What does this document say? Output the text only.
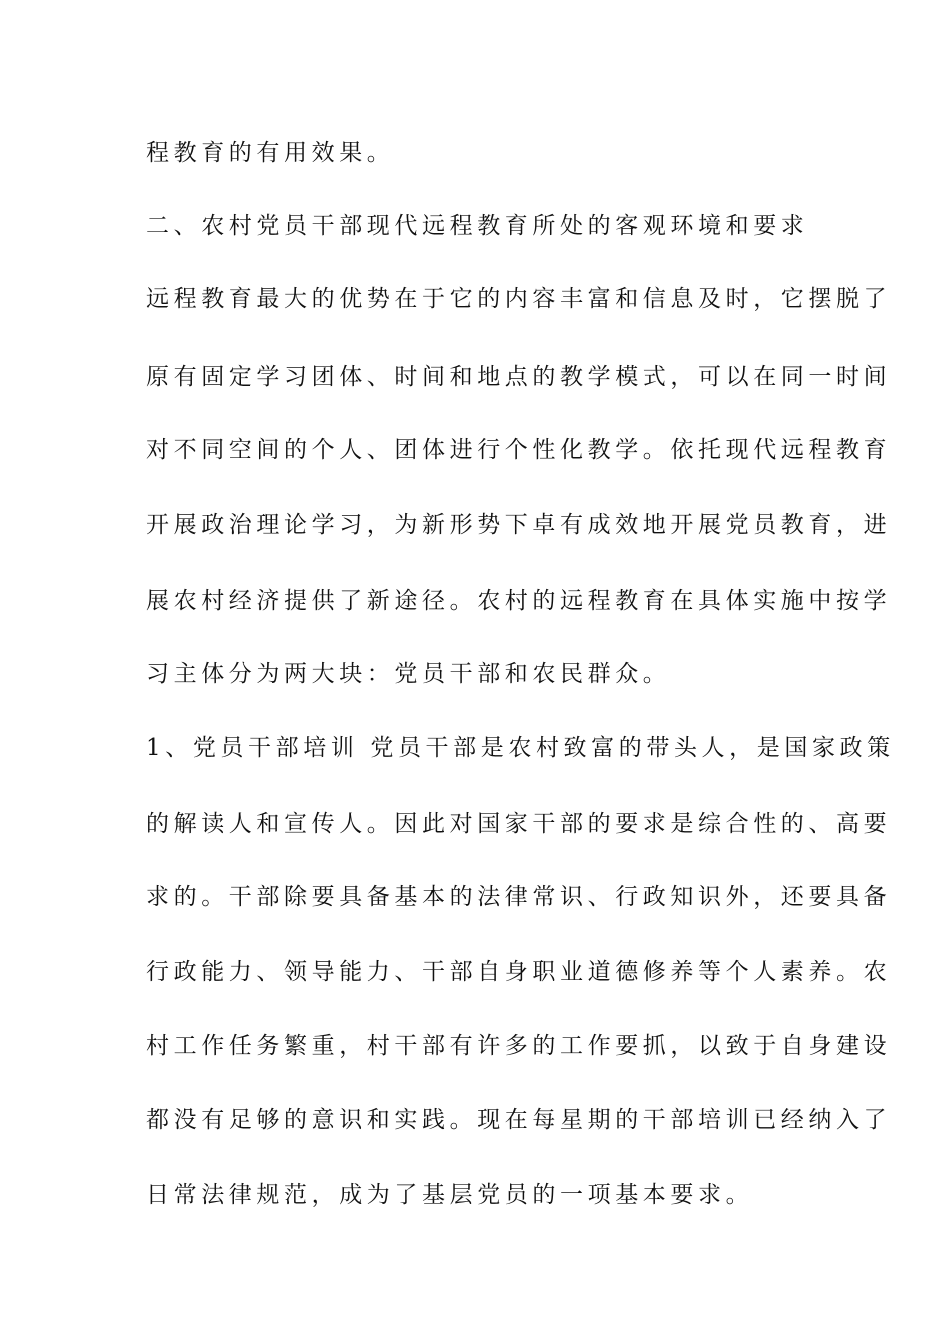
程教育的有用效果。

二、农村党员干部现代远程教育所处的客观环境和要求

远程教育最大的优势在于它的内容丰富和信息及时，它摆脱了

原有固定学习团体、时间和地点的教学模式，可以在同一时间

对不同空间的个人、团体进行个性化教学。依托现代远程教育

开展政治理论学习，为新形势下卓有成效地开展党员教育，进

展农村经济提供了新途径。农村的远程教育在具体实施中按学

习主体分为两大块：党员干部和农民群众。

1、党员干部培训 党员干部是农村致富的带头人，是国家政策

的解读人和宣传人。因此对国家干部的要求是综合性的、高要

求的。干部除要具备基本的法律常识、行政知识外，还要具备

行政能力、领导能力、干部自身职业道德修养等个人素养。农

村工作任务繁重，村干部有许多的工作要抓，以致于自身建设

都没有足够的意识和实践。现在每星期的干部培训已经纳入了

日常法律规范，成为了基层党员的一项基本要求。
